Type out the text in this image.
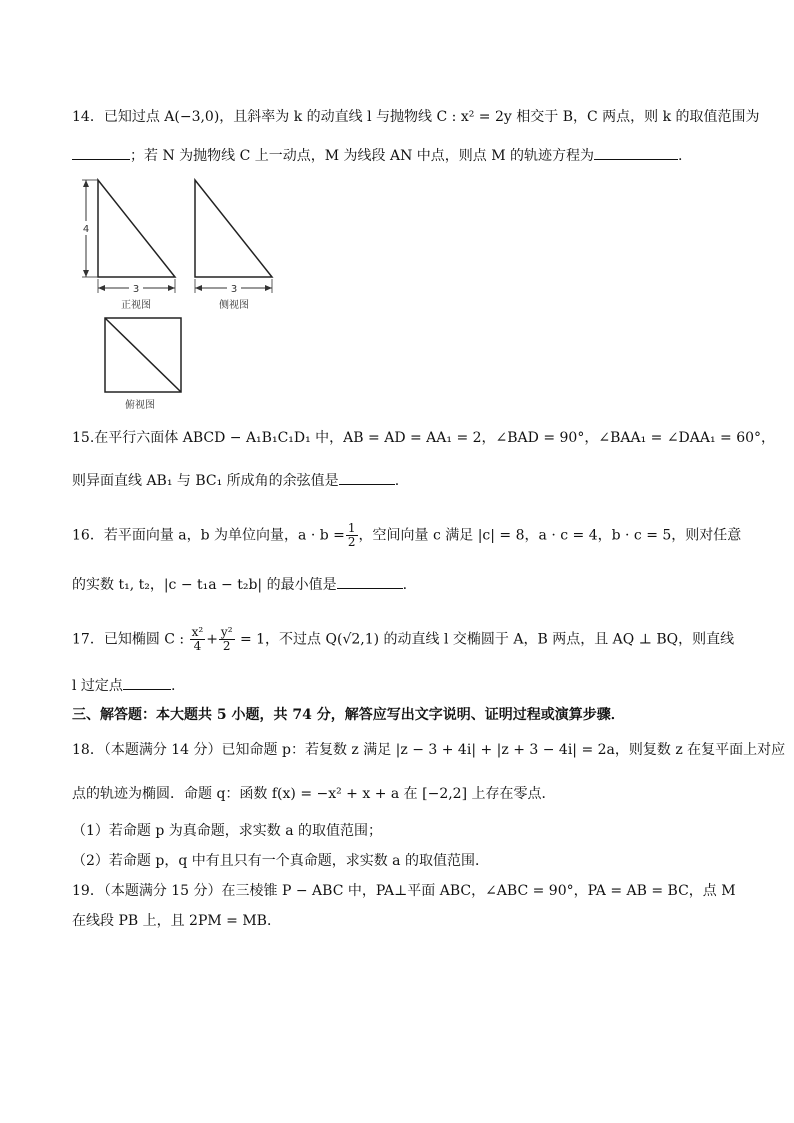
14．已知过点 A(−3,0)，且斜率为 k 的动直线 l 与抛物线 C : x² = 2y 相交于 B，C 两点，则 k 的取值范围为
；若 N 为抛物线 C 上一动点，M 为线段 AN 中点，则点 M 的轨迹方程为	.
4
3
正视图
3
侧视图
俯视图
15.在平行六面体 ABCD − A₁B₁C₁D₁ 中，AB = AD = AA₁ = 2，∠BAD = 90°，∠BAA₁ = ∠DAA₁ = 60°，
则异面直线 AB₁ 与 BC₁ 所成角的余弦值是	.
16．若平面向量 a，b 为单位向量，$a \cdot b = \frac{1}{2}$ ，空间向量 c 满足 |c| = 8，a · c = 4，b · c = 5，则对任意
的实数 t₁, t₂，|c − t₁a − t₂b| 的最小值是	.
17．已知椭圆 C : $\frac{\text{x²}}{4} + \frac{\text{y²}}{2} = 1$，不过点 Q(√2,1) 的动直线 l 交椭圆于 A，B 两点，且 AQ ⊥ BQ，则直线
l 过定点	.
三、解答题：本大题共 5 小题，共 74 分，解答应写出文字说明、证明过程或演算步骤．
18．（本题满分 14 分）已知命题 p：若复数 z 满足 |z − 3 + 4i| + |z + 3 − 4i| = 2a，则复数 z 在复平面上对应
点的轨迹为椭圆．命题 q：函数 f(x) = −x² + x + a 在 [−2,2] 上存在零点．
（1）若命题 p 为真命题，求实数 a 的取值范围；
（2）若命题 p，q 中有且只有一个真命题，求实数 a 的取值范围．
19．（本题满分 15 分）在三棱锥 P − ABC 中，PA⊥平面 ABC，∠ABC = 90°，PA = AB = BC，点 M
在线段 PB 上，且 2PM = MB．
